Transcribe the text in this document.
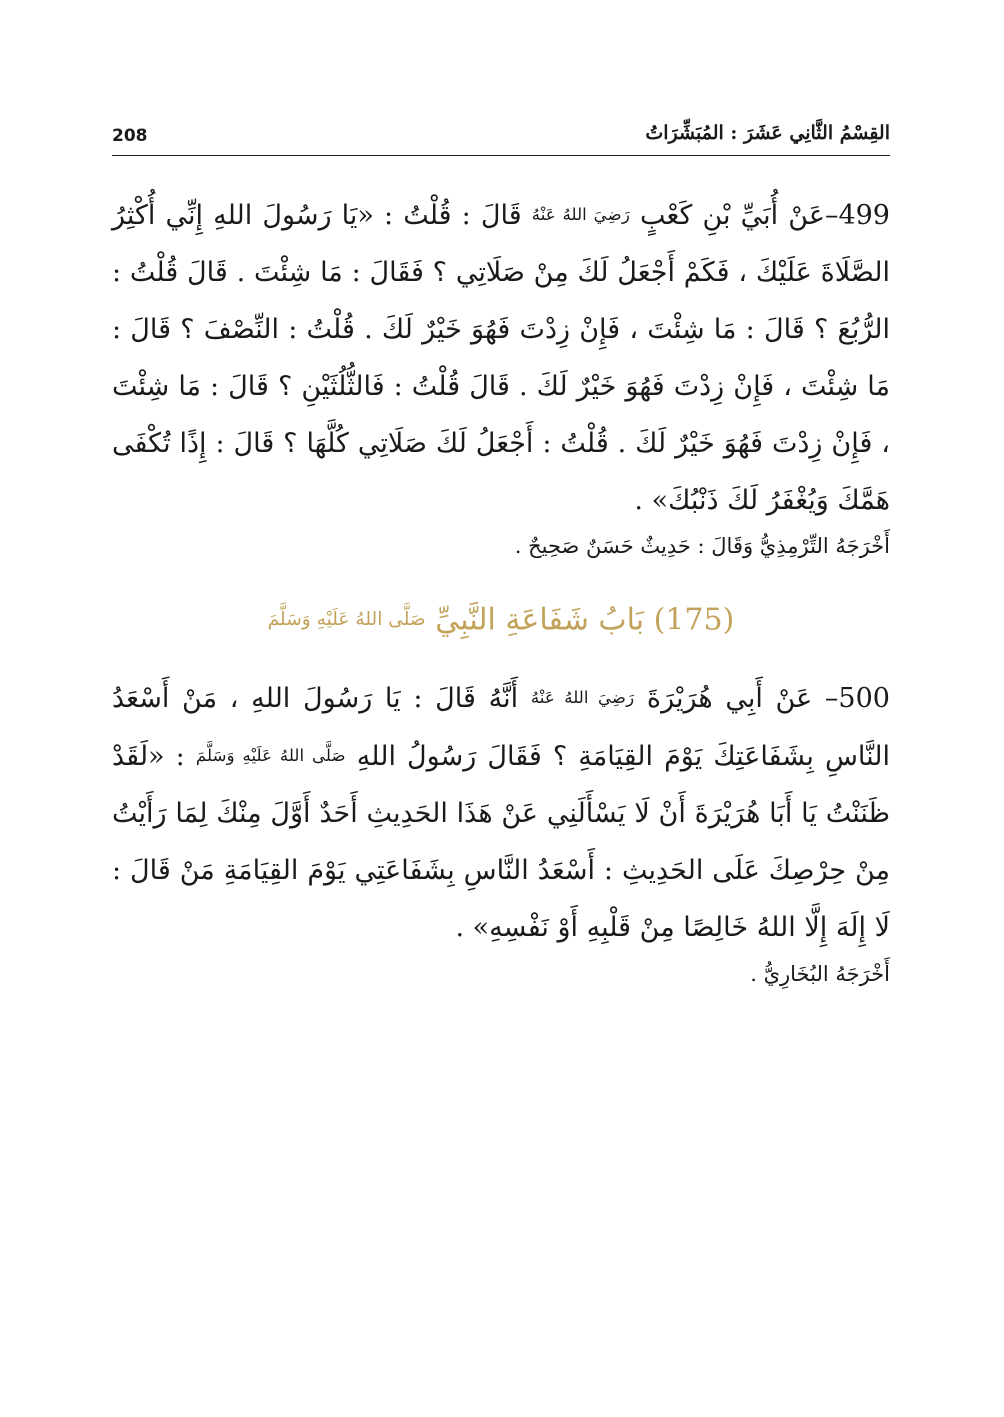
208	القِسْمُ الثَّانِي عَشَرَ : المُبَشِّرَاتُ

499–عَنْ أُبَيِّ بْنِ كَعْبٍ رَضِيَ اللهُ عَنْهُ قَالَ : قُلْتُ : «يَا رَسُولَ اللهِ إِنِّي أُكْثِرُ الصَّلَاةَ عَلَيْكَ ، فَكَمْ أَجْعَلُ لَكَ مِنْ صَلَاتِي ؟ فَقَالَ : مَا شِئْتَ . قَالَ قُلْتُ : الرُّبُعَ ؟ قَالَ : مَا شِئْتَ ، فَإِنْ زِدْتَ فَهُوَ خَيْرٌ لَكَ . قُلْتُ : النِّصْفَ ؟ قَالَ : مَا شِئْتَ ، فَإِنْ زِدْتَ فَهُوَ خَيْرٌ لَكَ . قَالَ قُلْتُ : فَالثُّلُثَيْنِ ؟ قَالَ : مَا شِئْتَ ، فَإِنْ زِدْتَ فَهُوَ خَيْرٌ لَكَ . قُلْتُ : أَجْعَلُ لَكَ صَلَاتِي كُلَّهَا ؟ قَالَ : إِذًا تُكْفَى هَمَّكَ وَيُغْفَرُ لَكَ ذَنْبُكَ» .

أَخْرَجَهُ التِّرْمِذِيُّ وَقَالَ : حَدِيثٌ حَسَنٌ صَحِيحٌ .
(175) بَابُ شَفَاعَةِ النَّبِيِّ صَلَّى اللهُ عَلَيْهِ وَسَلَّمَ

500– عَنْ أَبِي هُرَيْرَةَ رَضِيَ اللهُ عَنْهُ أَنَّهُ قَالَ : يَا رَسُولَ اللهِ ، مَنْ أَسْعَدُ النَّاسِ بِشَفَاعَتِكَ يَوْمَ القِيَامَةِ ؟ فَقَالَ رَسُولُ اللهِ صَلَّى اللهُ عَلَيْهِ وَسَلَّمَ : «لَقَدْ ظَنَنْتُ يَا أَبَا هُرَيْرَةَ أَنْ لَا يَسْأَلَنِي عَنْ هَذَا الحَدِيثِ أَحَدٌ أَوَّلَ مِنْكَ لِمَا رَأَيْتُ مِنْ حِرْصِكَ عَلَى الحَدِيثِ : أَسْعَدُ النَّاسِ بِشَفَاعَتِي يَوْمَ القِيَامَةِ مَنْ قَالَ : لَا إِلَهَ إِلَّا اللهُ خَالِصًا مِنْ قَلْبِهِ أَوْ نَفْسِهِ» .

أَخْرَجَهُ البُخَارِيُّ .
